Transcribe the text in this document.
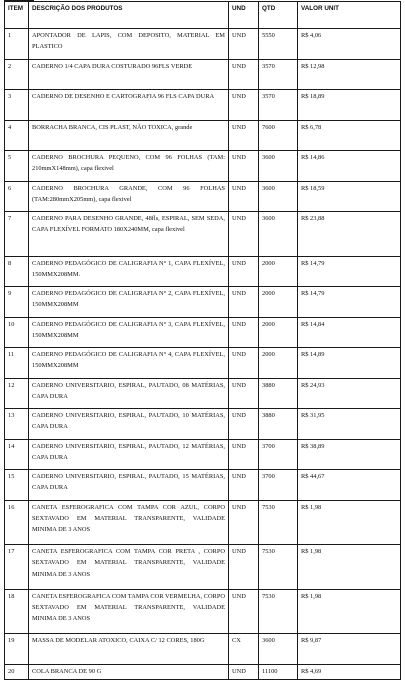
ITEM	DESCRIÇÃO DOS PRODUTOS	UND	QTD	VALOR UNIT
1	APONTADOR DE LAPIS, COM DEPOSITO, MATERIAL EM PLASTICO	UND	5550	R$ 4,06
2	CADERNO 1/4 CAPA DURA COSTURADO 96FLS VERDE	UND	3570	R$ 12,98
3	CADERNO DE DESENHO E CARTOGRAFIA 96 FLS CAPA DURA	UND	3570	R$ 18,89
4	BORRACHA BRANCA, CIS PLAST, NÃO TOXICA, grande	UND	7600	R$ 6,78
5	CADERNO BROCHURA PEQUENO, COM 96 FOLHAS (TAM: 210mmX148mm), capa flexivel	UND	3600	R$ 14,86
6	CADERNO BROCHURA GRANDE, COM 96 FOLHAS (TAM:280mmX205mm), capa flexivel	UND	3600	R$ 18,59
7	CADERNO PARA DESENHO GRANDE, 48fls, ESPIRAL, SEM SEDA, CAPA FLEXÍVEL FORMATO 180X240MM, capa flexivel	UND	3600	R$ 23,88
8	CADERNO PEDAGÓGICO DE CALIGRAFIA N° 1, CAPA FLEXÍVEL, 150MMX208MM.	UND	2000	R$ 14,79
9	CADERNO PEDAGÓGICO DE CALIGRAFIA N° 2, CAPA FLEXÍVEL, 150MMX208MM	UND	2000	R$ 14,79
10	CADERNO PEDAGÓGICO DE CALIGRAFIA N° 3, CAPA FLEXÍVEL, 150MMX208MM	UND	2000	R$ 14,84
11	CADERNO PEDAGÓGICO DE CALIGRAFIA N° 4, CAPA FLEXÍVEL, 150MMX208MM	UND	2000	R$ 14,89
12	CADERNO UNIVERSITARIO, ESPIRAL, PAUTADO, 08 MATÉRIAS, CAPA DURA	UND	3880	R$ 24,93
13	CADERNO UNIVERSITARIO, ESPIRAL, PAUTADO, 10 MATÉRIAS, CAPA DURA	UND	3880	R$ 31,95
14	CADERNO UNIVERSITARIO, ESPIRAL, PAUTADO, 12 MATÉRIAS, CAPA DURA	UND	3700	R$ 38,89
15	CADERNO UNIVERSITARIO, ESPIRAL, PAUTADO, 15 MATÉRIAS, CAPA DURA	UND	3700	R$ 44,67
16	CANETA ESFEROGRAFICA COM TAMPA COR AZUL, CORPO SEXTAVADO EM MATERIAL TRANSPARENTE, VALIDADE MINIMA DE 3 ANOS	UND	7530	R$ 1,98
17	CANETA ESFEROGRAFICA COM TAMPA COR PRETA , CORPO SEXTAVADO EM MATERIAL TRANSPARENTE, VALIDADE MINIMA DE 3 ANOS	UND	7530	R$ 1,98
18	CANETA ESFEROGRAFICA COM TAMPA COR VERMELHA, CORPO SEXTAVADO EM MATERIAL TRANSPARENTE, VALIDADE MINIMA DE 3 ANOS	UND	7530	R$ 1,98
19	MASSA DE MODELAR ATOXICO, CAIXA C/ 12 CORES, 180G	CX	3600	R$ 9,87
20	COLA BRANCA DE 90 G	UND	11100	R$ 4,69
